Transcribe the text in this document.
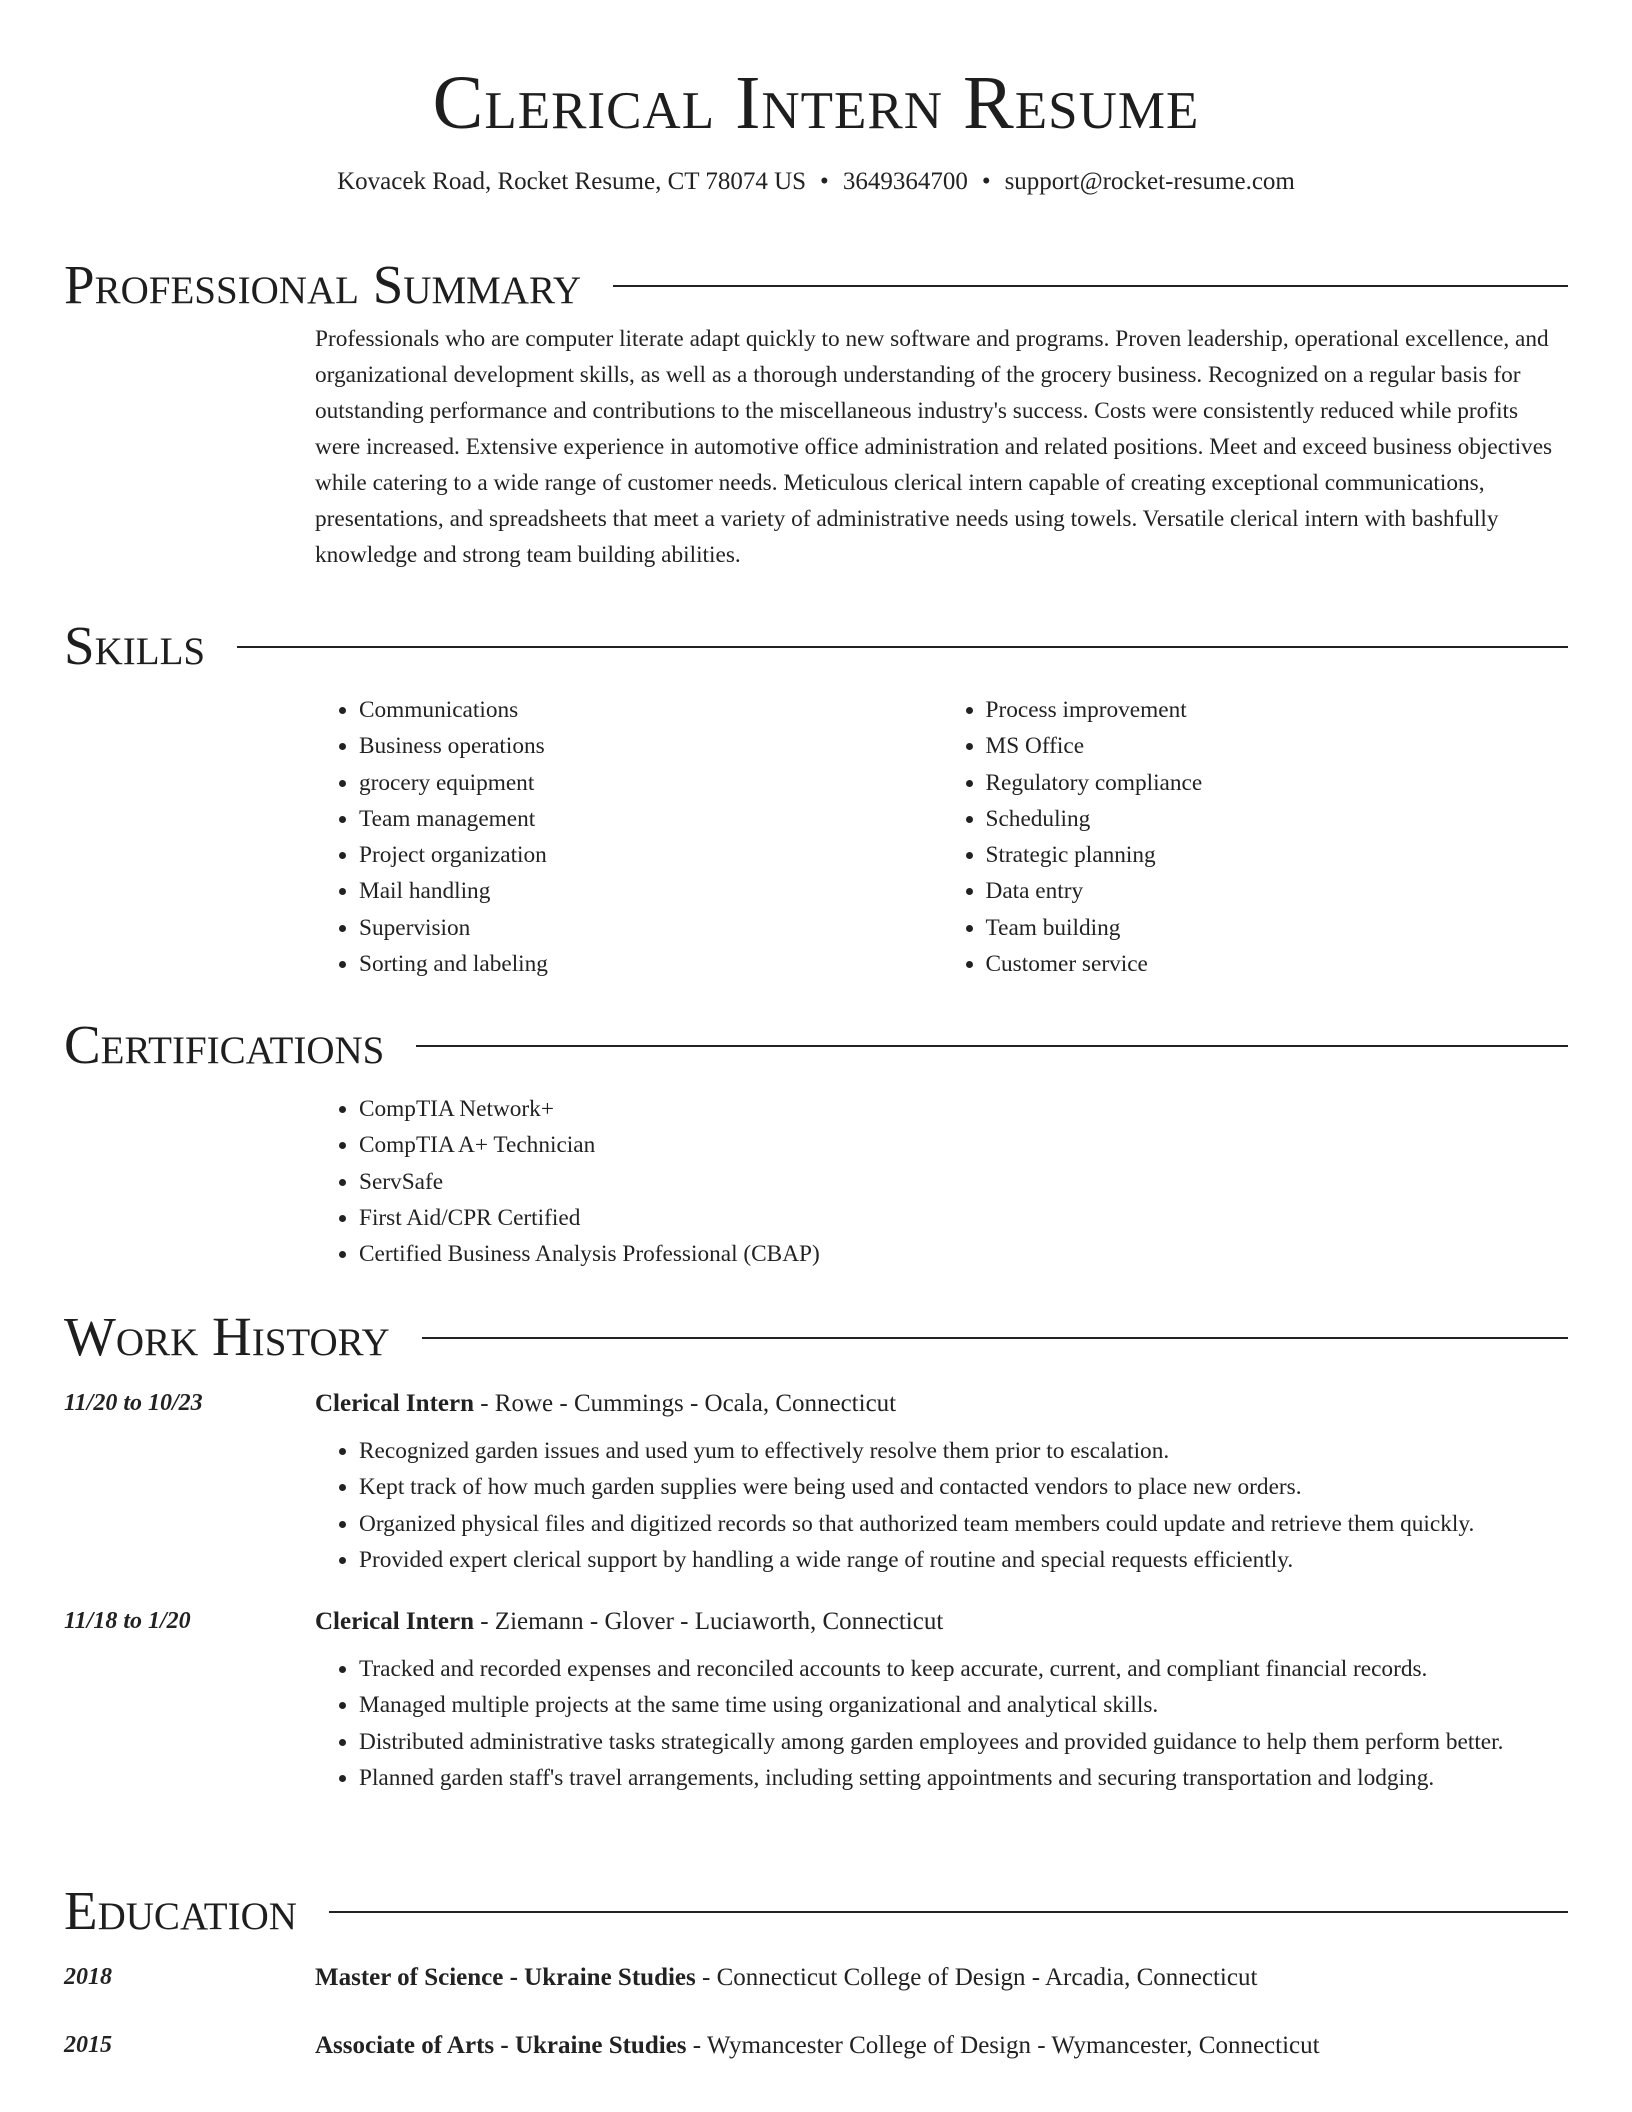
Clerical Intern Resume
Kovacek Road, Rocket Resume, CT 78074 US • 3649364700 • support@rocket-resume.com
Professional Summary

Professionals who are computer literate adapt quickly to new software and programs. Proven leadership, operational excellence, and organizational development skills, as well as a thorough understanding of the grocery business. Recognized on a regular basis for outstanding performance and contributions to the miscellaneous industry's success. Costs were consistently reduced while profits were increased. Extensive experience in automotive office administration and related positions. Meet and exceed business objectives while catering to a wide range of customer needs. Meticulous clerical intern capable of creating exceptional communications, presentations, and spreadsheets that meet a variety of administrative needs using towels. Versatile clerical intern with bashfully knowledge and strong team building abilities.

Skills
• Communications
• Business operations
• grocery equipment
• Team management
• Project organization
• Mail handling
• Supervision
• Sorting and labeling
• Process improvement
• MS Office
• Regulatory compliance
• Scheduling
• Strategic planning
• Data entry
• Team building
• Customer service
Certifications
• CompTIA Network+
• CompTIA A+ Technician
• ServSafe
• First Aid/CPR Certified
• Certified Business Analysis Professional (CBAP)
Work History
11/20 to 10/23	Clerical Intern - Rowe - Cummings - Ocala, Connecticut
• Recognized garden issues and used yum to effectively resolve them prior to escalation.
• Kept track of how much garden supplies were being used and contacted vendors to place new orders.
• Organized physical files and digitized records so that authorized team members could update and retrieve them quickly.
• Provided expert clerical support by handling a wide range of routine and special requests efficiently.
11/18 to 1/20	Clerical Intern - Ziemann - Glover - Luciaworth, Connecticut
• Tracked and recorded expenses and reconciled accounts to keep accurate, current, and compliant financial records.
• Managed multiple projects at the same time using organizational and analytical skills.
• Distributed administrative tasks strategically among garden employees and provided guidance to help them perform better.
• Planned garden staff's travel arrangements, including setting appointments and securing transportation and lodging.
Education
2018	Master of Science - Ukraine Studies - Connecticut College of Design - Arcadia, Connecticut
2015	Associate of Arts - Ukraine Studies - Wymancester College of Design - Wymancester, Connecticut
